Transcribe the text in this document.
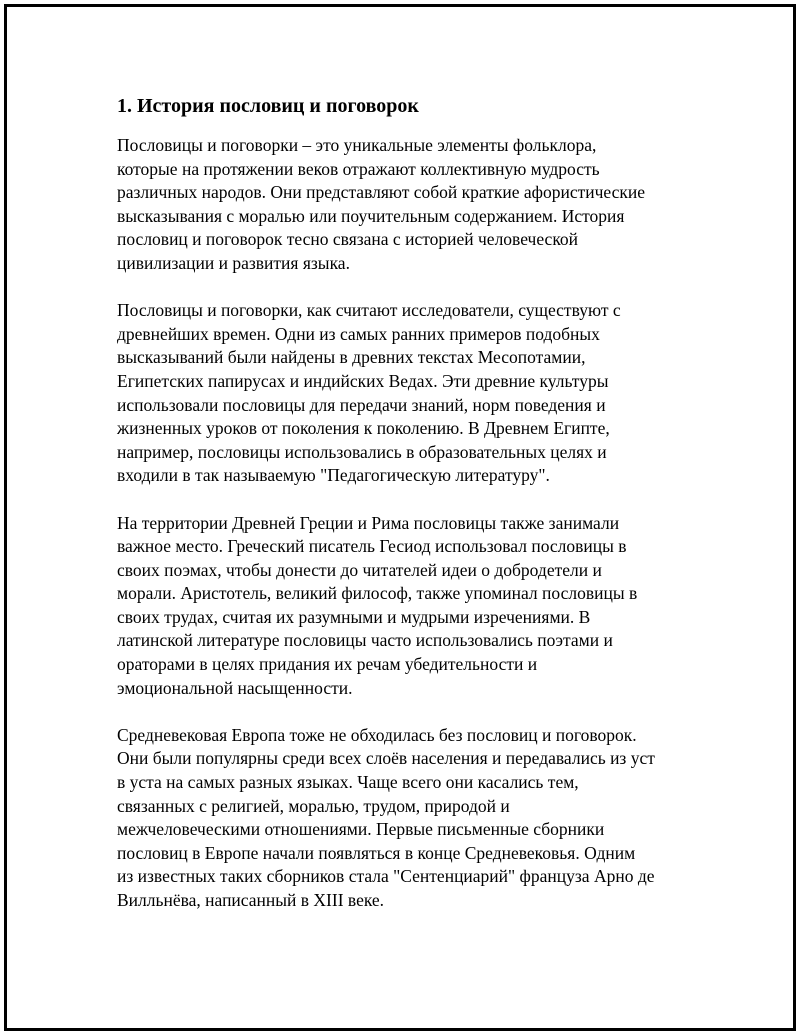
1. История пословиц и поговорок

Пословицы и поговорки – это уникальные элементы фольклора,
которые на протяжении веков отражают коллективную мудрость
различных народов. Они представляют собой краткие афористические
высказывания с моралью или поучительным содержанием. История
пословиц и поговорок тесно связана с историей человеческой
цивилизации и развития языка.

Пословицы и поговорки, как считают исследователи, существуют с
древнейших времен. Одни из самых ранних примеров подобных
высказываний были найдены в древних текстах Месопотамии,
Египетских папирусах и индийских Ведах. Эти древние культуры
использовали пословицы для передачи знаний, норм поведения и
жизненных уроков от поколения к поколению. В Древнем Египте,
например, пословицы использовались в образовательных целях и
входили в так называемую "Педагогическую литературу".

На территории Древней Греции и Рима пословицы также занимали
важное место. Греческий писатель Гесиод использовал пословицы в
своих поэмах, чтобы донести до читателей идеи о добродетели и
морали. Аристотель, великий философ, также упоминал пословицы в
своих трудах, считая их разумными и мудрыми изречениями. В
латинской литературе пословицы часто использовались поэтами и
ораторами в целях придания их речам убедительности и
эмоциональной насыщенности.

Средневековая Европа тоже не обходилась без пословиц и поговорок.
Они были популярны среди всех слоёв населения и передавались из уст
в уста на самых разных языках. Чаще всего они касались тем,
связанных с религией, моралью, трудом, природой и
межчеловеческими отношениями. Первые письменные сборники
пословиц в Европе начали появляться в конце Средневековья. Одним
из известных таких сборников стала "Сентенциарий" француза Арно де
Вилльнёва, написанный в XIII веке.
